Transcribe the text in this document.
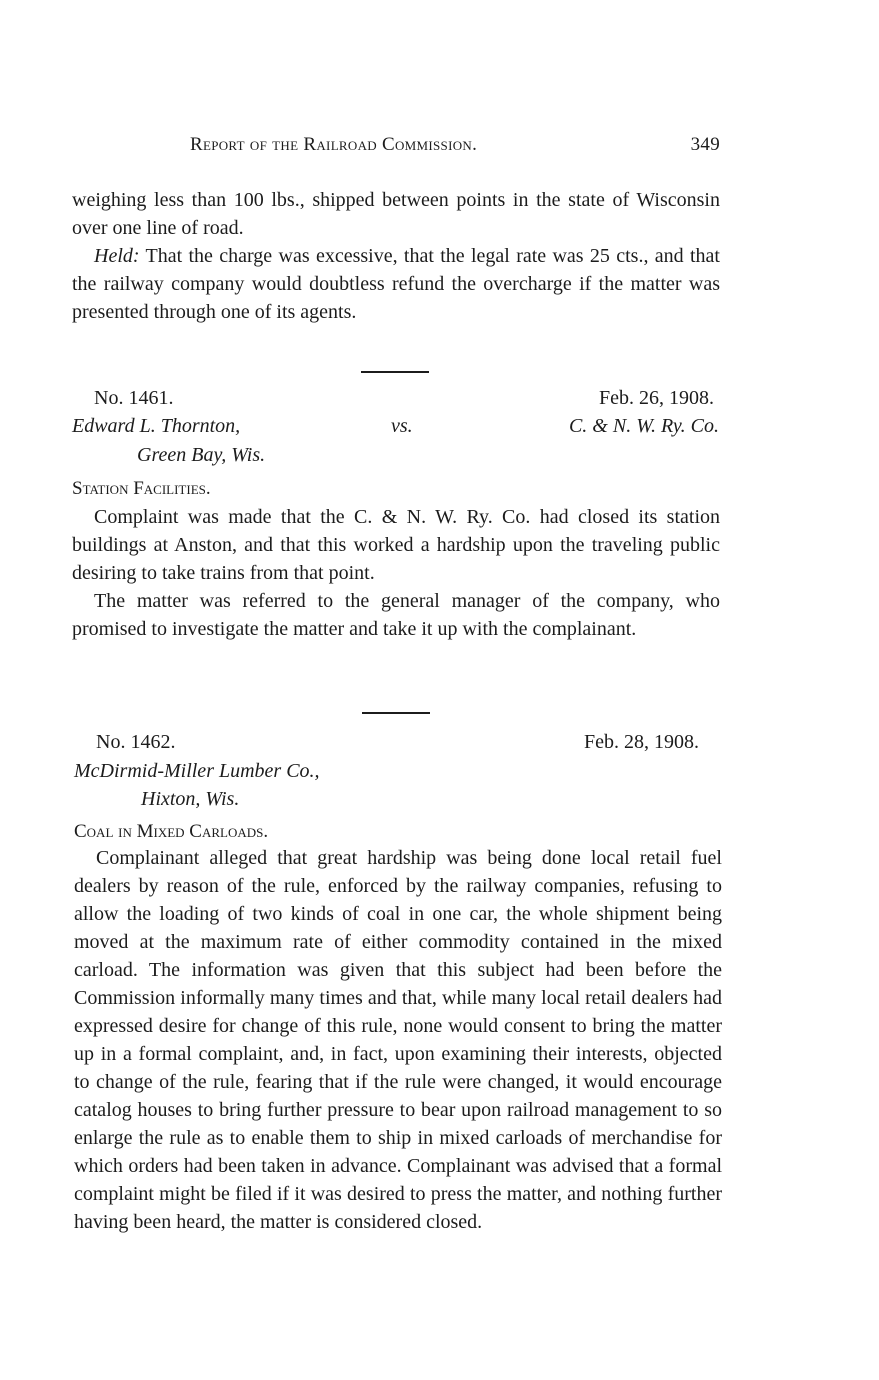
Report of the Railroad Commission.	349

weighing less than 100 lbs., shipped between points in the state of Wisconsin over one line of road.

Held: That the charge was excessive, that the legal rate was 25 cts., and that the railway company would doubtless refund the overcharge if the matter was presented through one of its agents.

No. 1461.	Feb. 26, 1908.
Edward L. Thornton,	vs.	C. & N. W. Ry. Co.
Green Bay, Wis.
Station Facilities.

Complaint was made that the C. & N. W. Ry. Co. had closed its station buildings at Anston, and that this worked a hardship upon the traveling public desiring to take trains from that point.

The matter was referred to the general manager of the company, who promised to investigate the matter and take it up with the complainant.

No. 1462.	Feb. 28, 1908.
McDirmid-Miller Lumber Co.,
Hixton, Wis.
Coal in Mixed Carloads.

Complainant alleged that great hardship was being done local retail fuel dealers by reason of the rule, enforced by the railway companies, refusing to allow the loading of two kinds of coal in one car, the whole shipment being moved at the maximum rate of either commodity contained in the mixed carload. The information was given that this subject had been before the Commission informally many times and that, while many local retail dealers had expressed desire for change of this rule, none would consent to bring the matter up in a formal complaint, and, in fact, upon examining their interests, objected to change of the rule, fearing that if the rule were changed, it would encourage catalog houses to bring further pressure to bear upon railroad management to so enlarge the rule as to enable them to ship in mixed carloads of merchandise for which orders had been taken in advance. Complainant was advised that a formal complaint might be filed if it was desired to press the matter, and nothing further having been heard, the matter is considered closed.
